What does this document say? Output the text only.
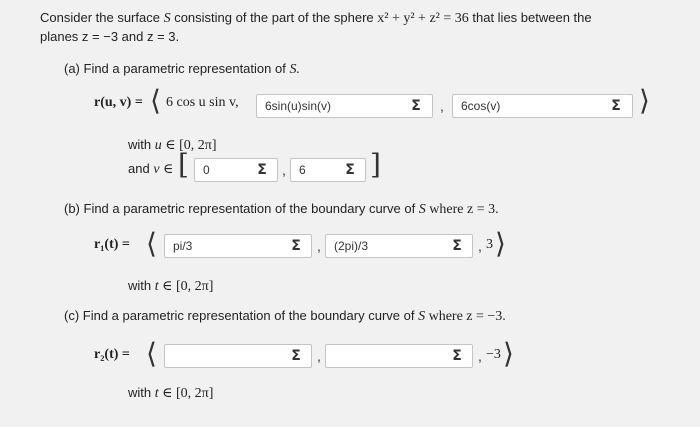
Consider the surface S consisting of the part of the sphere x² + y² + z² = 36 that lies between the
planes z = −3 and z = 3.
(a) Find a parametric representation of S.
r(u, v) = ⟨ 6 cos u sin v, 6sin(u)sin(v)	Σ	, 6cos(v)	Σ ⟩
with u ∈ [0, 2π]
and v ∈ [ 0	Σ	, 6	Σ ]
(b) Find a parametric representation of the boundary curve of S where z = 3.
r₁(t) = ⟨ pi/3	Σ	, (2pi)/3	Σ	, 3 ⟩
with t ∈ [0, 2π]
(c) Find a parametric representation of the boundary curve of S where z = −3.
r₂(t) = ⟨	Σ	,	Σ	, −3 ⟩
with t ∈ [0, 2π]
